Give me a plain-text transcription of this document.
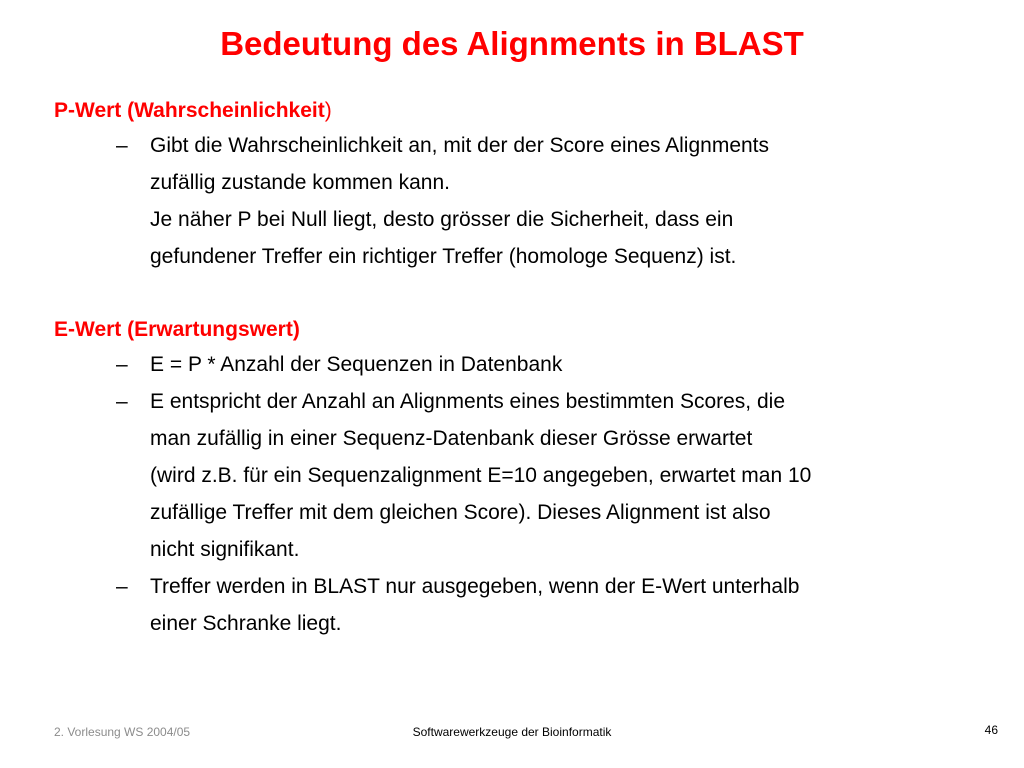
Bedeutung des Alignments in BLAST
P-Wert (Wahrscheinlichkeit)
– Gibt die Wahrscheinlichkeit an, mit der der Score eines Alignments
zufällig zustande kommen kann.
Je näher P bei Null liegt, desto grösser die Sicherheit, dass ein
gefundener Treffer ein richtiger Treffer (homologe Sequenz) ist.
E-Wert (Erwartungswert)
– E = P * Anzahl der Sequenzen in Datenbank
– E entspricht der Anzahl an Alignments eines bestimmten Scores, die
man zufällig in einer Sequenz-Datenbank dieser Grösse erwartet
(wird z.B. für ein Sequenzalignment E=10 angegeben, erwartet man 10
zufällige Treffer mit dem gleichen Score). Dieses Alignment ist also
nicht signifikant.
– Treffer werden in BLAST nur ausgegeben, wenn der E-Wert unterhalb
einer Schranke liegt.
2. Vorlesung WS 2004/05	Softwarewerkzeuge der Bioinformatik	46
